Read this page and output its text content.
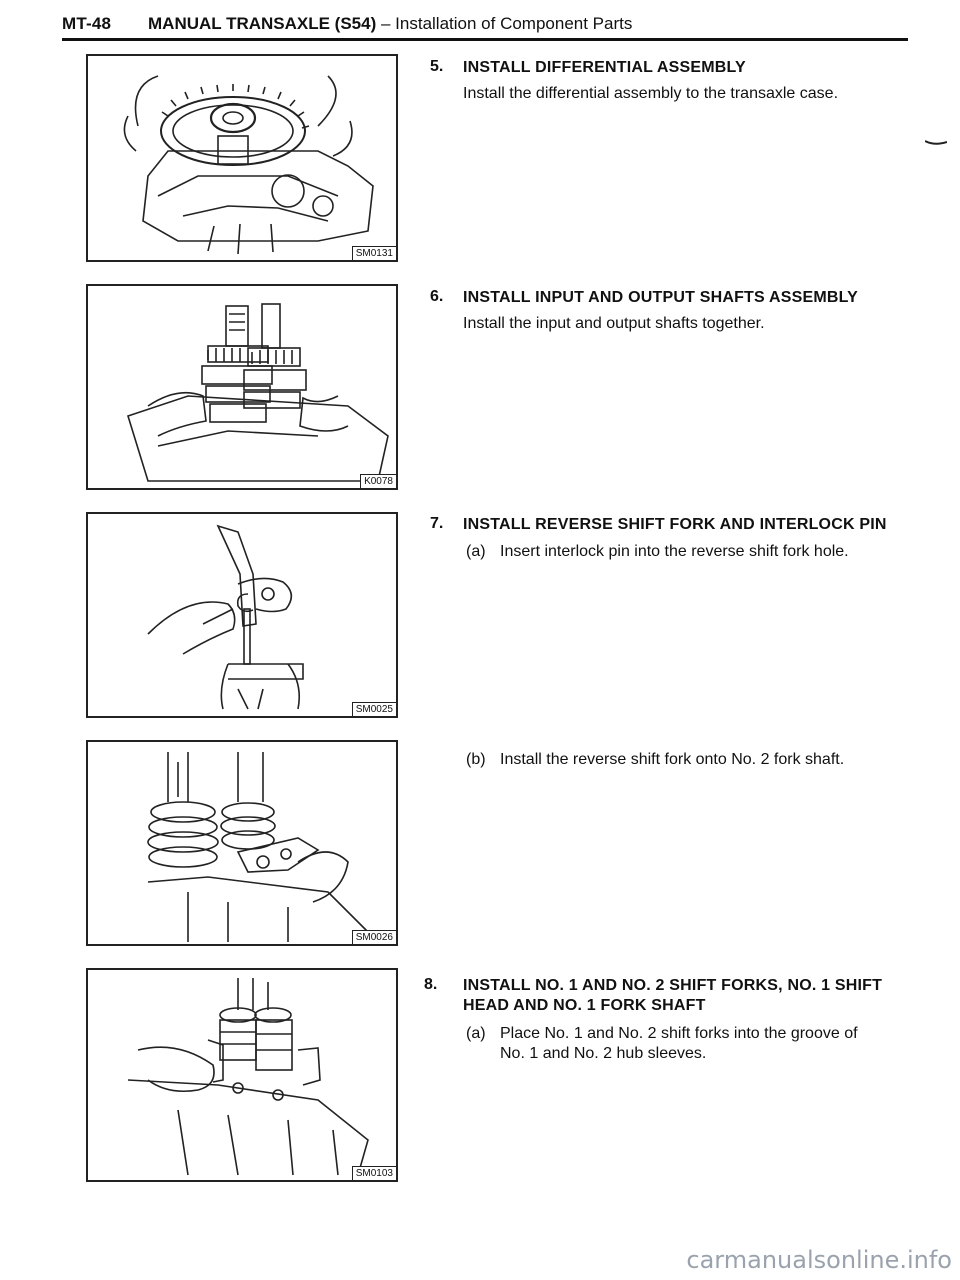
MT-48 MANUAL TRANSAXLE (S54) – Installation of Component Parts
SM0131
K0078
SM0025
SM0026
SM0103
5. INSTALL DIFFERENTIAL ASSEMBLY
Install the differential assembly to the transaxle case.
6. INSTALL INPUT AND OUTPUT SHAFTS ASSEMBLY
Install the input and output shafts together.
7. INSTALL REVERSE SHIFT FORK AND INTERLOCK PIN
(a) Insert interlock pin into the reverse shift fork hole.
(b) Install the reverse shift fork onto No. 2 fork shaft.
8. INSTALL NO. 1 AND NO. 2 SHIFT FORKS, NO. 1 SHIFT
HEAD AND NO. 1 FORK SHAFT
(a) Place No. 1 and No. 2 shift forks into the groove of
No. 1 and No. 2 hub sleeves.
carmanualsonline.info
